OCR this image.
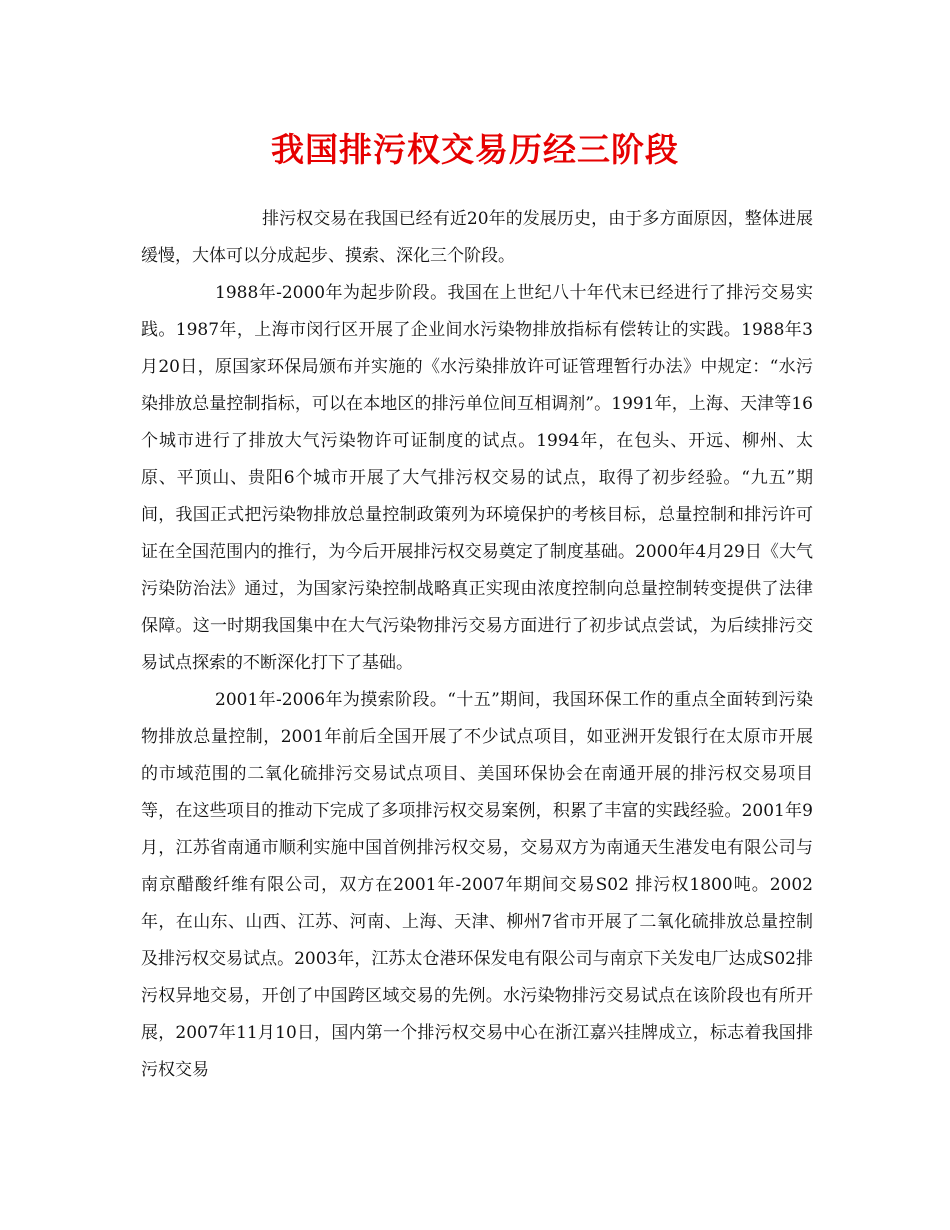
我国排污权交易历经三阶段

排污权交易在我国已经有近20年的发展历史，由于多方面原因，整体进展缓慢，大体可以分成起步、摸索、深化三个阶段。

1988年-2000年为起步阶段。我国在上世纪八十年代末已经进行了排污交易实践。1987年，上海市闵行区开展了企业间水污染物排放指标有偿转让的实践。1988年3月20日，原国家环保局颁布并实施的《水污染排放许可证管理暂行办法》中规定：“水污染排放总量控制指标，可以在本地区的排污单位间互相调剂”。1991年，上海、天津等16个城市进行了排放大气污染物许可证制度的试点。1994年，在包头、开远、柳州、太原、平顶山、贵阳6个城市开展了大气排污权交易的试点，取得了初步经验。“九五”期间，我国正式把污染物排放总量控制政策列为环境保护的考核目标，总量控制和排污许可证在全国范围内的推行，为今后开展排污权交易奠定了制度基础。2000年4月29日《大气污染防治法》通过，为国家污染控制战略真正实现由浓度控制向总量控制转变提供了法律保障。这一时期我国集中在大气污染物排污交易方面进行了初步试点尝试，为后续排污交易试点探索的不断深化打下了基础。

2001年-2006年为摸索阶段。“十五”期间，我国环保工作的重点全面转到污染物排放总量控制，2001年前后全国开展了不少试点项目，如亚洲开发银行在太原市开展的市域范围的二氧化硫排污交易试点项目、美国环保协会在南通开展的排污权交易项目等，在这些项目的推动下完成了多项排污权交易案例，积累了丰富的实践经验。2001年9月，江苏省南通市顺利实施中国首例排污权交易，交易双方为南通天生港发电有限公司与南京醋酸纤维有限公司，双方在2001年-2007年期间交易S02 排污权1800吨。2002年，在山东、山西、江苏、河南、上海、天津、柳州7省市开展了二氧化硫排放总量控制及排污权交易试点。2003年，江苏太仓港环保发电有限公司与南京下关发电厂达成S02排污权异地交易，开创了中国跨区域交易的先例。水污染物排污交易试点在该阶段也有所开展，2007年11月10日，国内第一个排污权交易中心在浙江嘉兴挂牌成立，标志着我国排污权交易
